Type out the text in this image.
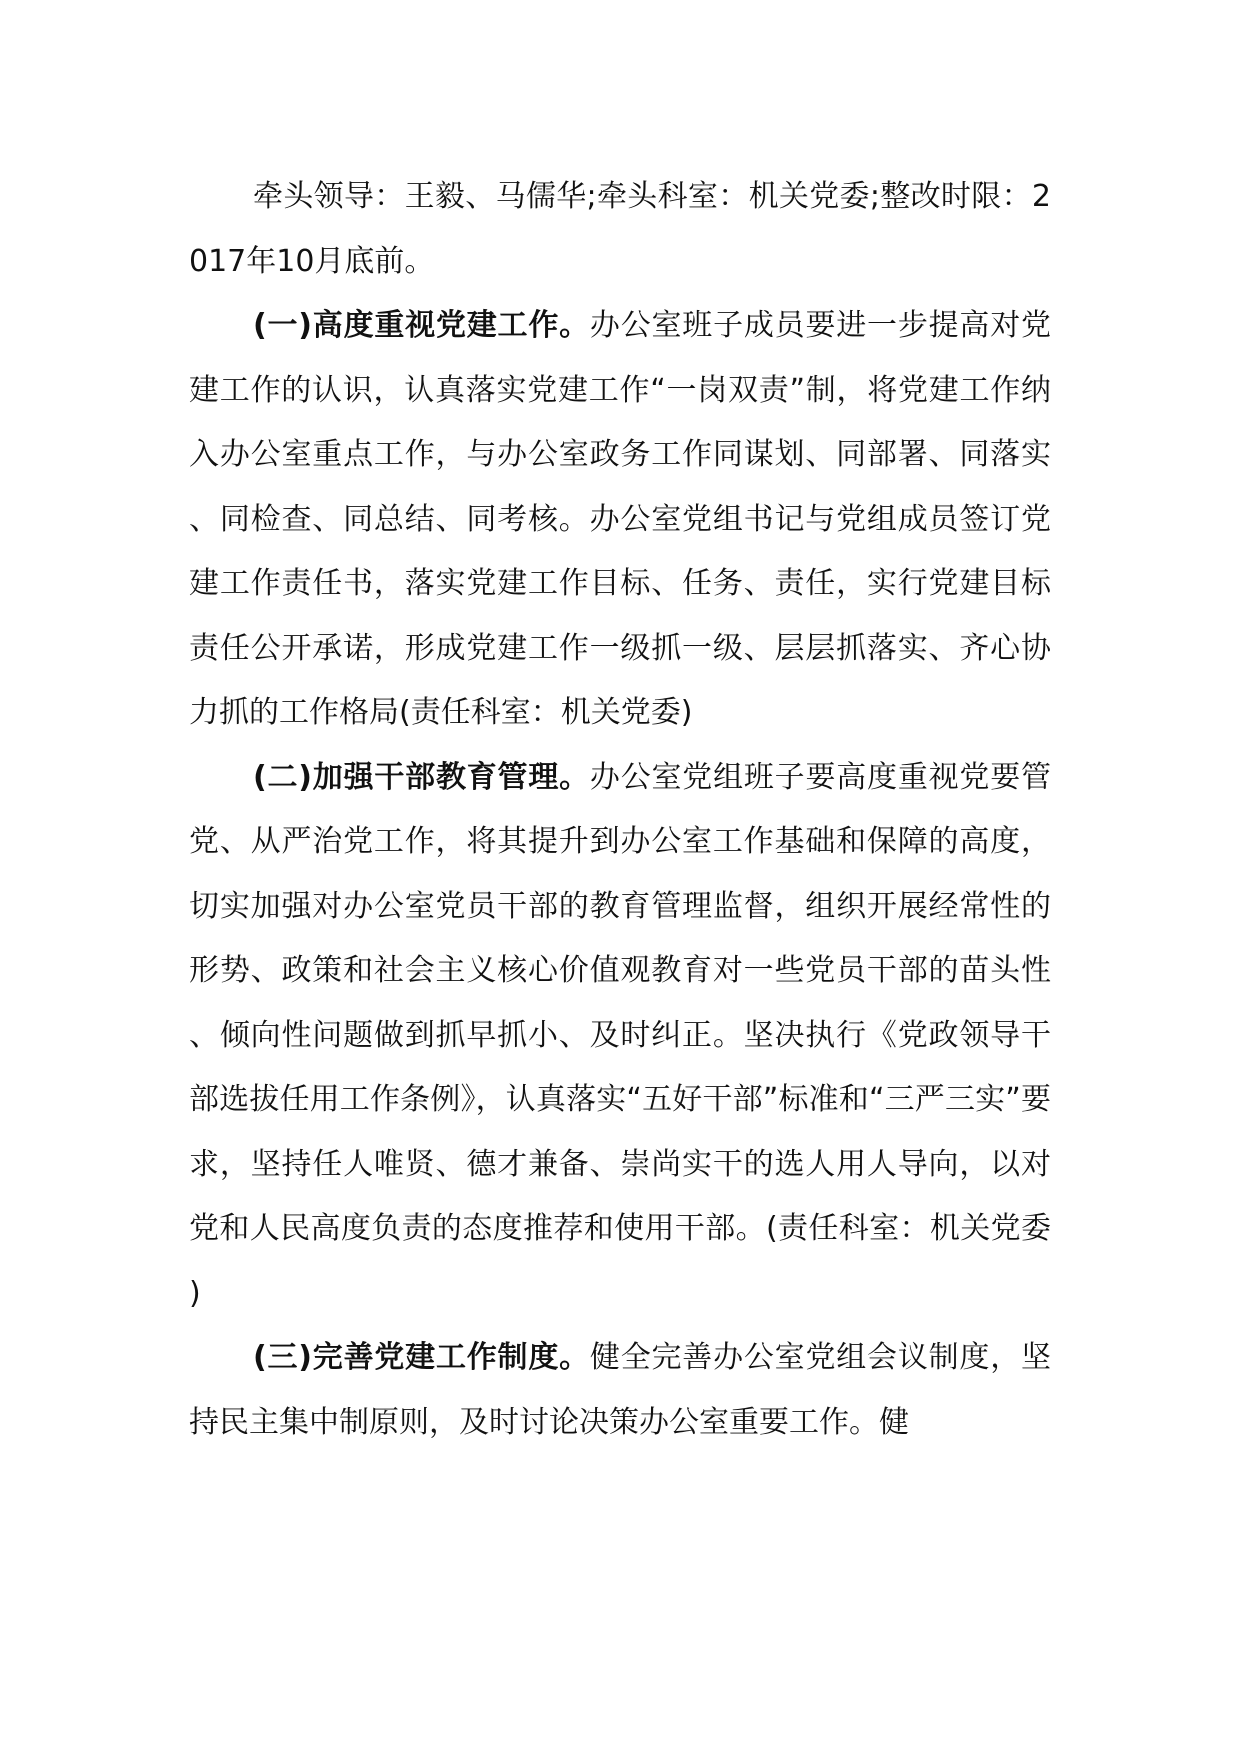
牵头领导：王毅、马儒华;牵头科室：机关党委;整改时限：2017年10月底前。

(一)高度重视党建工作。办公室班子成员要进一步提高对党建工作的认识，认真落实党建工作“一岗双责”制，将党建工作纳入办公室重点工作，与办公室政务工作同谋划、同部署、同落实、同检查、同总结、同考核。办公室党组书记与党组成员签订党建工作责任书，落实党建工作目标、任务、责任，实行党建目标责任公开承诺，形成党建工作一级抓一级、层层抓落实、齐心协力抓的工作格局(责任科室：机关党委)

(二)加强干部教育管理。办公室党组班子要高度重视党要管党、从严治党工作，将其提升到办公室工作基础和保障的高度，切实加强对办公室党员干部的教育管理监督，组织开展经常性的形势、政策和社会主义核心价值观教育对一些党员干部的苗头性、倾向性问题做到抓早抓小、及时纠正。坚决执行《党政领导干部选拔任用工作条例》，认真落实“五好干部”标准和“三严三实”要求，坚持任人唯贤、德才兼备、崇尚实干的选人用人导向，以对党和人民高度负责的态度推荐和使用干部。(责任科室：机关党委)

(三)完善党建工作制度。健全完善办公室党组会议制度，坚持民主集中制原则，及时讨论决策办公室重要工作。健
